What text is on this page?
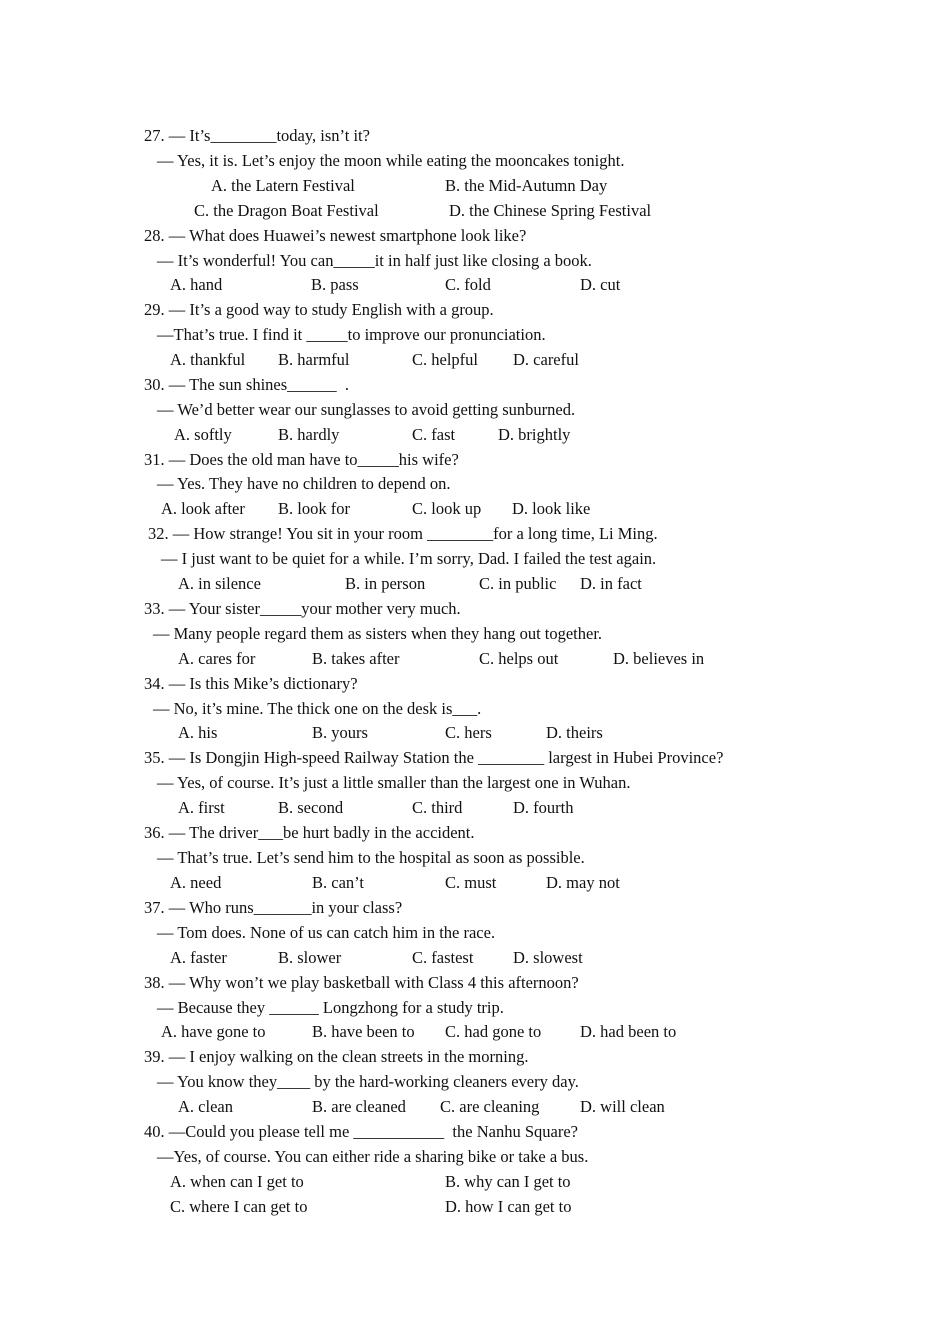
27. — It’s________today, isn’t it?
— Yes, it is. Let’s enjoy the moon while eating the mooncakes tonight.
A. the Latern Festival	B. the Mid-Autumn Day
C. the Dragon Boat Festival	D. the Chinese Spring Festival
28. — What does Huawei’s newest smartphone look like?
— It’s wonderful! You can_____it in half just like closing a book.
A. hand	B. pass	C. fold	D. cut
29. — It’s a good way to study English with a group.
—That’s true. I find it _____to improve our pronunciation.
A. thankful B. harmful	C. helpful D. careful
30. — The sun shines______  .
— We’d better wear our sunglasses to avoid getting sunburned.
A. softly	B. hardly	C. fast	D. brightly
31. — Does the old man have to_____his wife?
— Yes. They have no children to depend on.
A. look after B. look for	C. look up D. look like
32. — How strange! You sit in your room ________for a long time, Li Ming.
— I just want to be quiet for a while. I’m sorry, Dad. I failed the test again.
A. in silence	B. in person	C. in public D. in fact
33. — Your sister_____your mother very much.
— Many people regard them as sisters when they hang out together.
A. cares for	B. takes after	C. helps out	D. believes in
34. — Is this Mike’s dictionary?
— No, it’s mine. The thick one on the desk is___.
A. his	B. yours	C. hers	D. theirs
35. — Is Dongjin High-speed Railway Station the ________ largest in Hubei Province?
— Yes, of course. It’s just a little smaller than the largest one in Wuhan.
A. first	B. second	C. third	D. fourth
36. — The driver___be hurt badly in the accident.
— That’s true. Let’s send him to the hospital as soon as possible.
A. need	B. can’t	C. must	D. may not
37. — Who runs_______in your class?
— Tom does. None of us can catch him in the race.
A. faster	B. slower	C. fastest D. slowest
38. — Why won’t we play basketball with Class 4 this afternoon?
— Because they ______ Longzhong for a study trip.
A. have gone to	B. have been to C. had gone to D. had been to
39. — I enjoy walking on the clean streets in the morning.
— You know they____ by the hard-working cleaners every day.
A. clean	B. are cleaned C. are cleaning D. will clean
40. —Could you please tell me ___________  the Nanhu Square?
—Yes, of course. You can either ride a sharing bike or take a bus.
A. when can I get to	B. why can I get to
C. where I can get to	D. how I can get to
